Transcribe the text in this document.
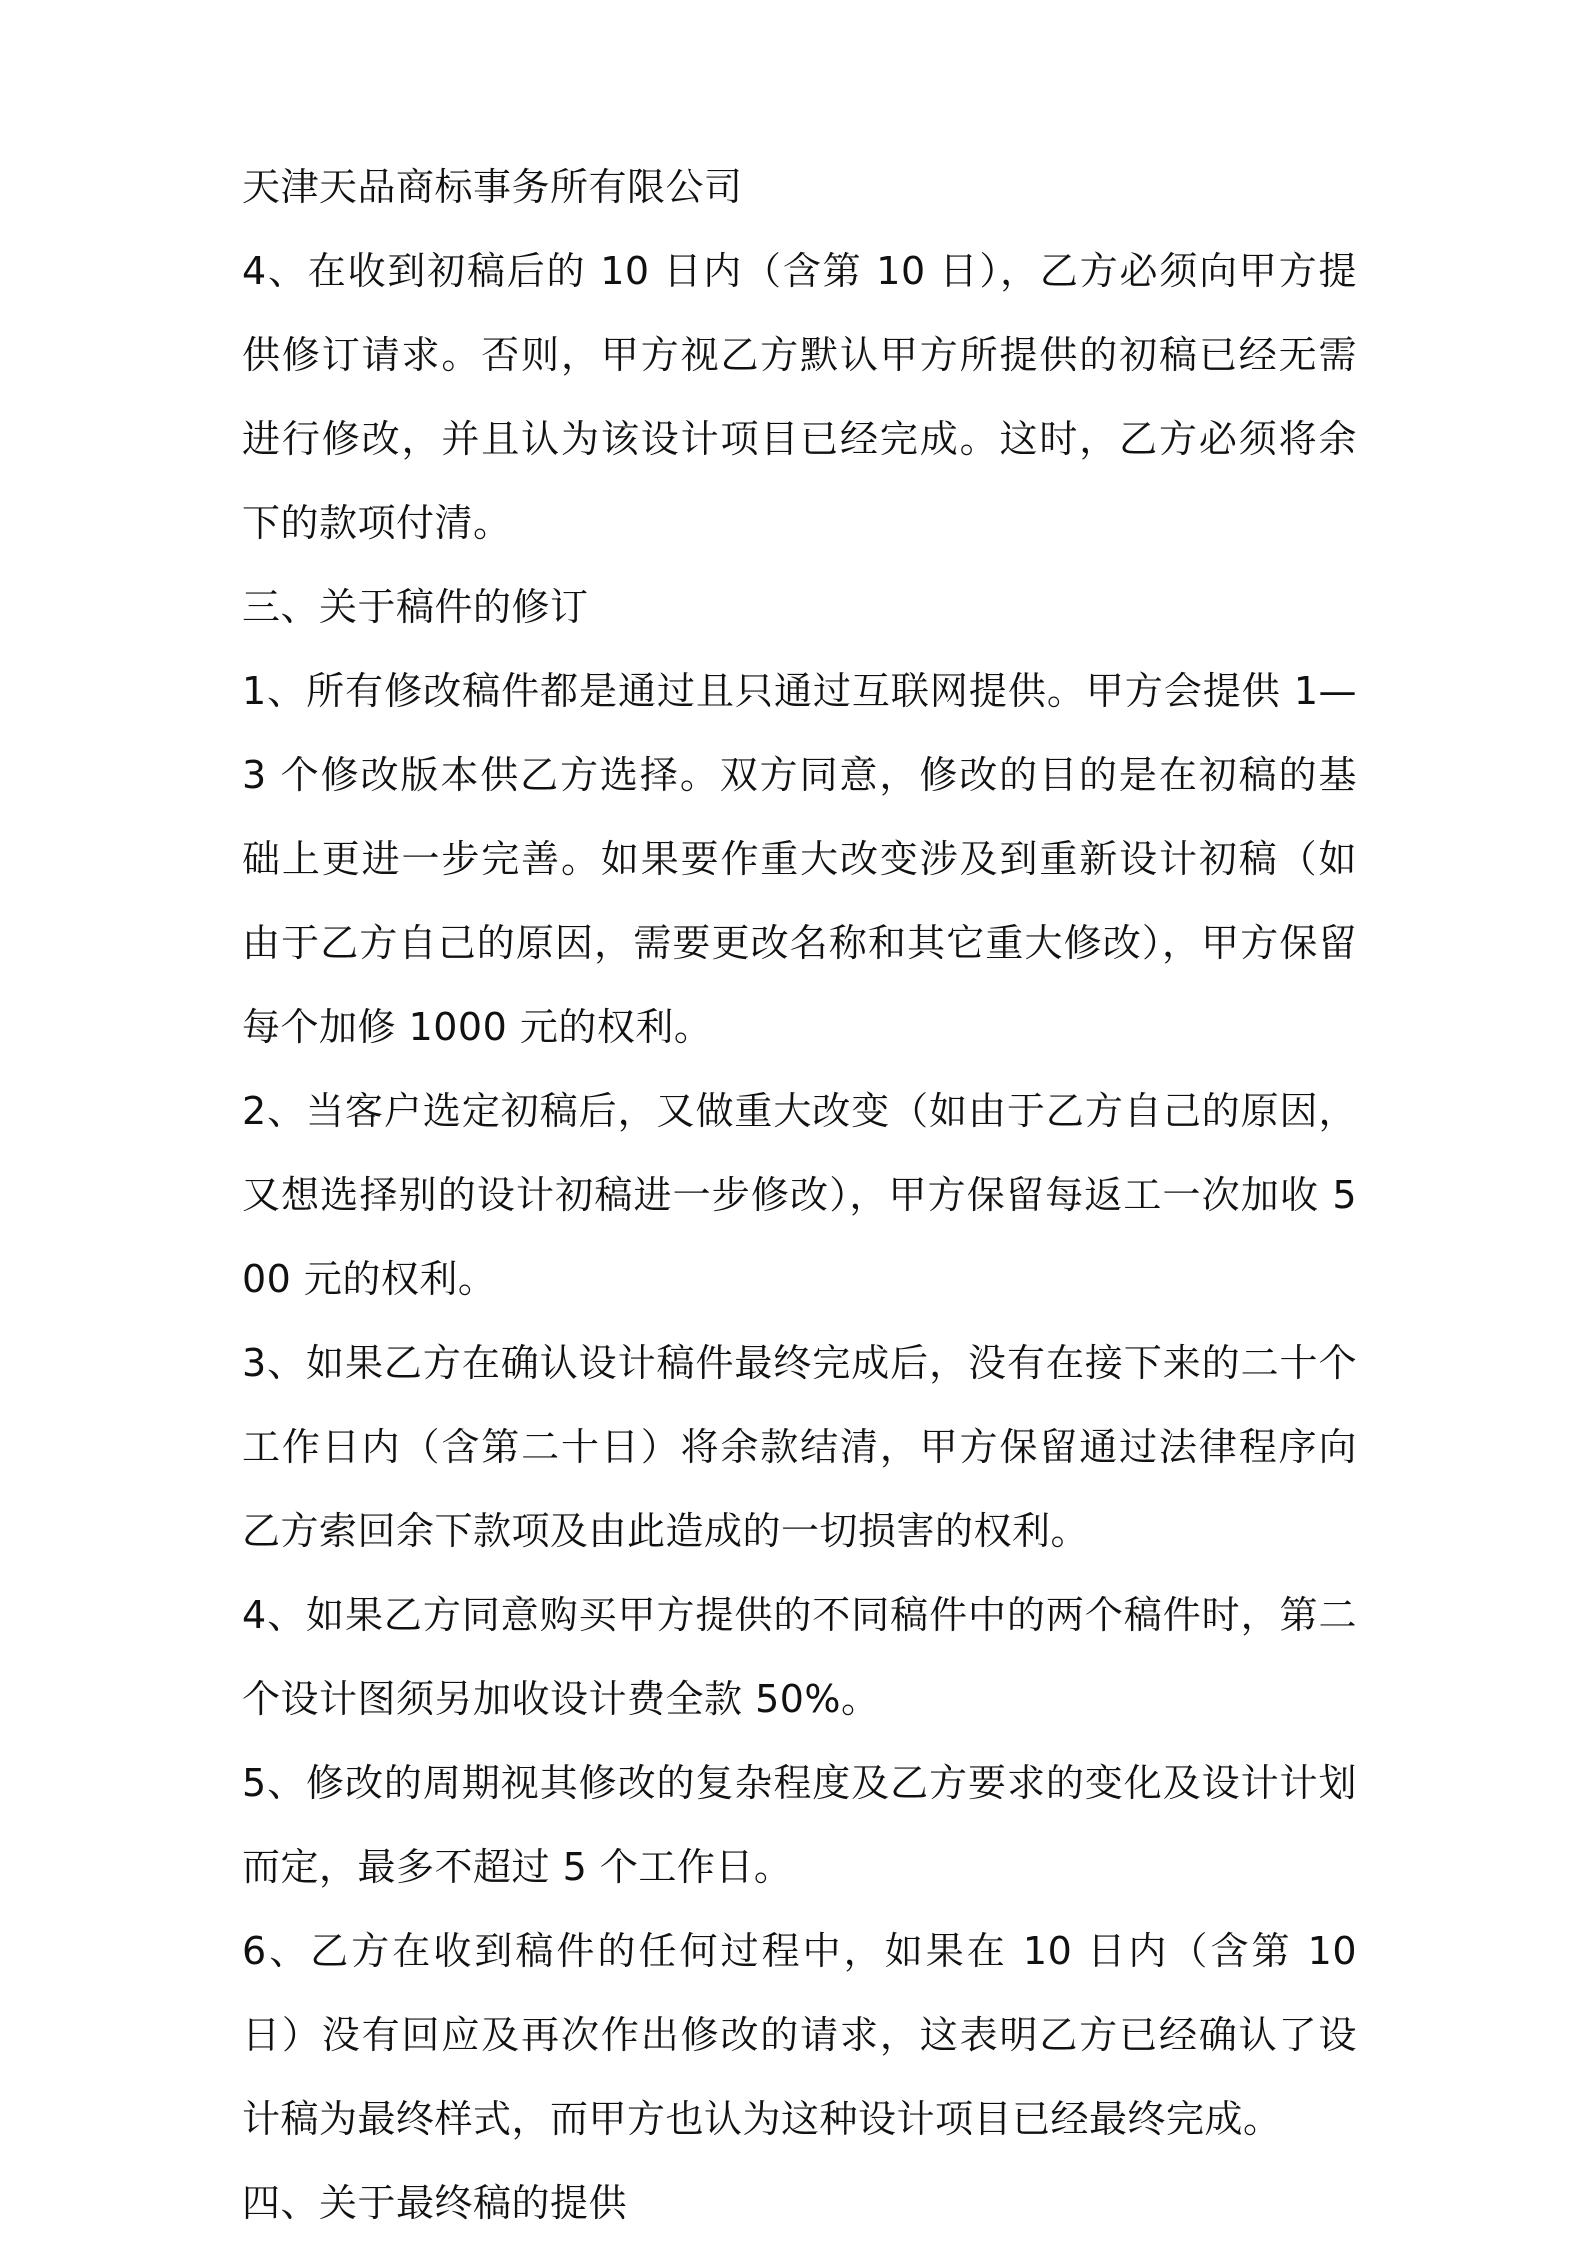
天津天品商标事务所有限公司

4、在收到初稿后的 10 日内（含第 10 日），乙方必须向甲方提供修订请求。否则，甲方视乙方默认甲方所提供的初稿已经无需进行修改，并且认为该设计项目已经完成。这时，乙方必须将余下的款项付清。

三、关于稿件的修订

1、所有修改稿件都是通过且只通过互联网提供。甲方会提供 1—3 个修改版本供乙方选择。双方同意，修改的目的是在初稿的基础上更进一步完善。如果要作重大改变涉及到重新设计初稿（如由于乙方自己的原因，需要更改名称和其它重大修改），甲方保留每个加修 1000 元的权利。

2、当客户选定初稿后，又做重大改变（如由于乙方自己的原因，又想选择别的设计初稿进一步修改），甲方保留每返工一次加收 500 元的权利。

3、如果乙方在确认设计稿件最终完成后，没有在接下来的二十个工作日内（含第二十日）将余款结清，甲方保留通过法律程序向乙方索回余下款项及由此造成的一切损害的权利。

4、如果乙方同意购买甲方提供的不同稿件中的两个稿件时，第二个设计图须另加收设计费全款 50%。

5、修改的周期视其修改的复杂程度及乙方要求的变化及设计计划而定，最多不超过 5 个工作日。

6、乙方在收到稿件的任何过程中，如果在 10 日内（含第 10 日）没有回应及再次作出修改的请求，这表明乙方已经确认了设计稿为最终样式，而甲方也认为这种设计项目已经最终完成。

四、关于最终稿的提供
